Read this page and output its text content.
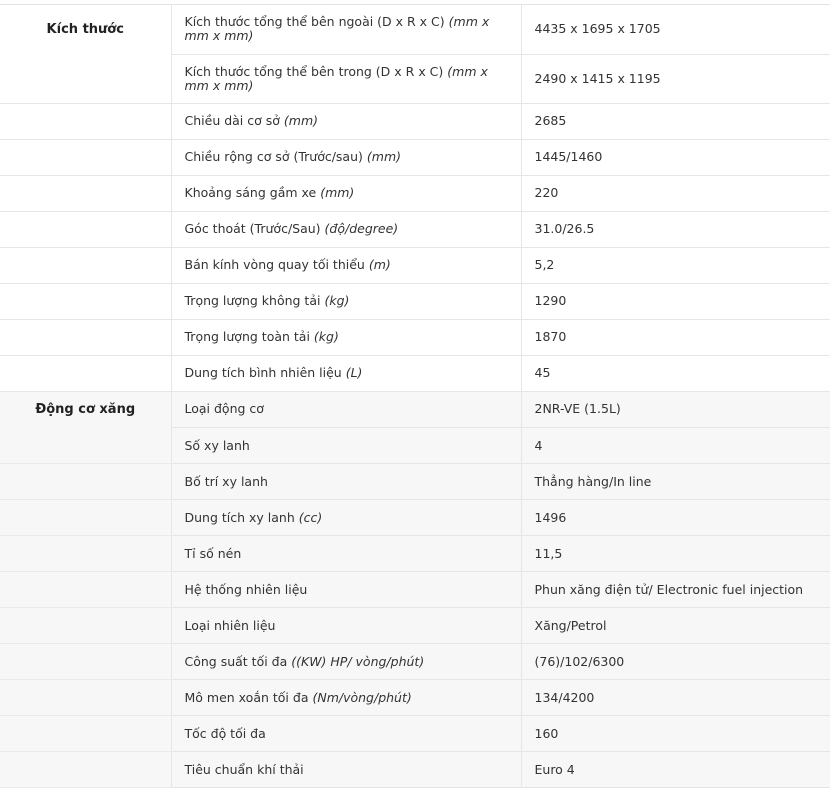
Kích thước	Kích thước tổng thể bên ngoài (D x R x C) (mm x mm x mm)	4435 x 1695 x 1705
	Kích thước tổng thể bên trong (D x R x C) (mm x mm x mm)	2490 x 1415 x 1195
	Chiều dài cơ sở (mm)	2685
	Chiều rộng cơ sở (Trước/sau) (mm)	1445/1460
	Khoảng sáng gầm xe (mm)	220
	Góc thoát (Trước/Sau) (độ/degree)	31.0/26.5
	Bán kính vòng quay tối thiểu (m)	5,2
	Trọng lượng không tải (kg)	1290
	Trọng lượng toàn tải (kg)	1870
	Dung tích bình nhiên liệu (L)	45

Động cơ xăng	Loại động cơ	2NR-VE (1.5L)
	Số xy lanh	4
	Bố trí xy lanh	Thẳng hàng/In line
	Dung tích xy lanh (cc)	1496
	Tỉ số nén	11,5
	Hệ thống nhiên liệu	Phun xăng điện tử/ Electronic fuel injection
	Loại nhiên liệu	Xăng/Petrol
	Công suất tối đa ((KW) HP/ vòng/phút)	(76)/102/6300
	Mô men xoắn tối đa (Nm/vòng/phút)	134/4200
	Tốc độ tối đa	160
	Tiêu chuẩn khí thải	Euro 4
